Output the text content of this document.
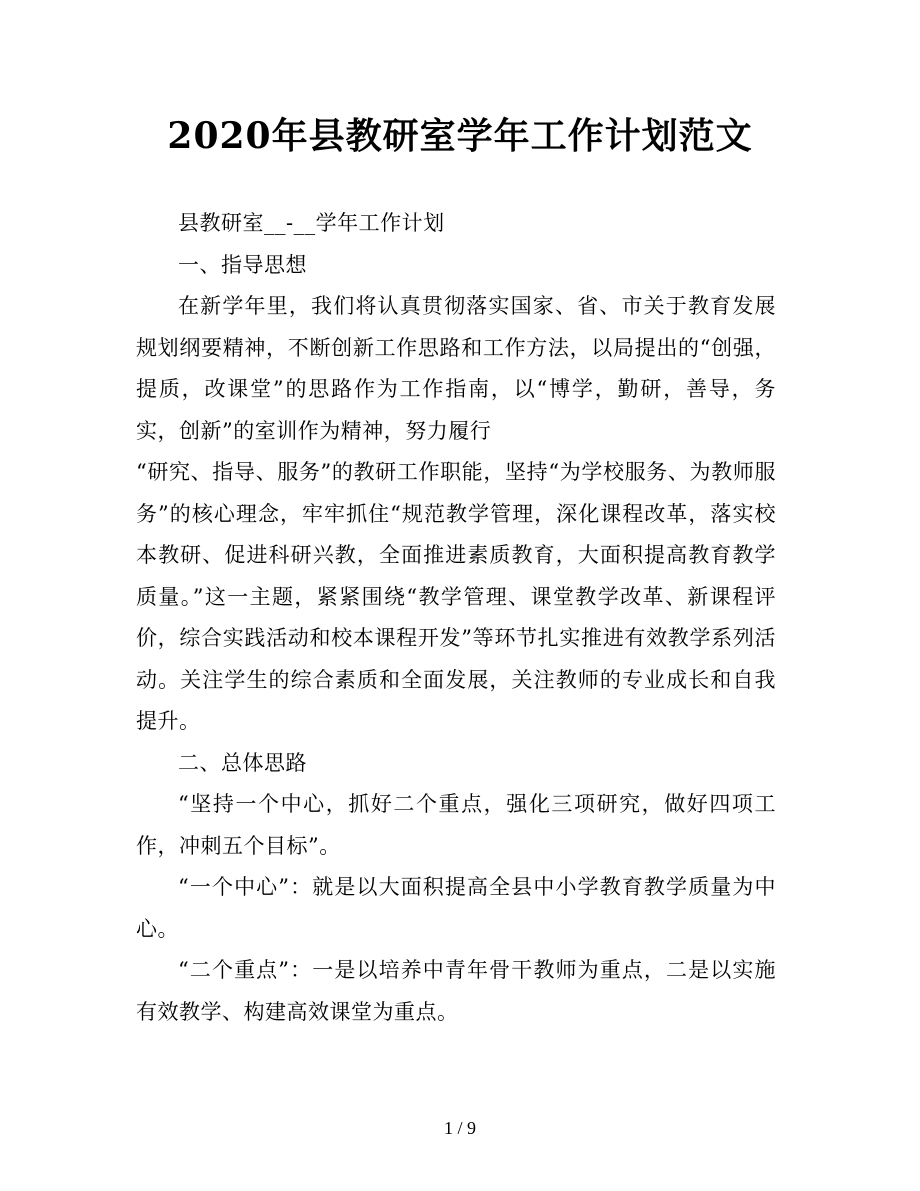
2020年县教研室学年工作计划范文

县教研室__-__学年工作计划

一、指导思想

在新学年里，我们将认真贯彻落实国家、省、市关于教育发展规划纲要精神，不断创新工作思路和工作方法，以局提出的“创强，提质，改课堂”的思路作为工作指南，以“博学，勤研，善导，务实，创新”的室训作为精神，努力履行

“研究、指导、服务”的教研工作职能，坚持“为学校服务、为教师服务”的核心理念，牢牢抓住“规范教学管理，深化课程改革，落实校本教研、促进科研兴教，全面推进素质教育，大面积提高教育教学质量。”这一主题，紧紧围绕“教学管理、课堂教学改革、新课程评价，综合实践活动和校本课程开发”等环节扎实推进有效教学系列活动。关注学生的综合素质和全面发展，关注教师的专业成长和自我提升。

二、总体思路

“坚持一个中心，抓好二个重点，强化三项研究，做好四项工作，冲刺五个目标”。

“一个中心”：就是以大面积提高全县中小学教育教学质量为中心。

“二个重点”：一是以培养中青年骨干教师为重点，二是以实施有效教学、构建高效课堂为重点。

1 / 9
